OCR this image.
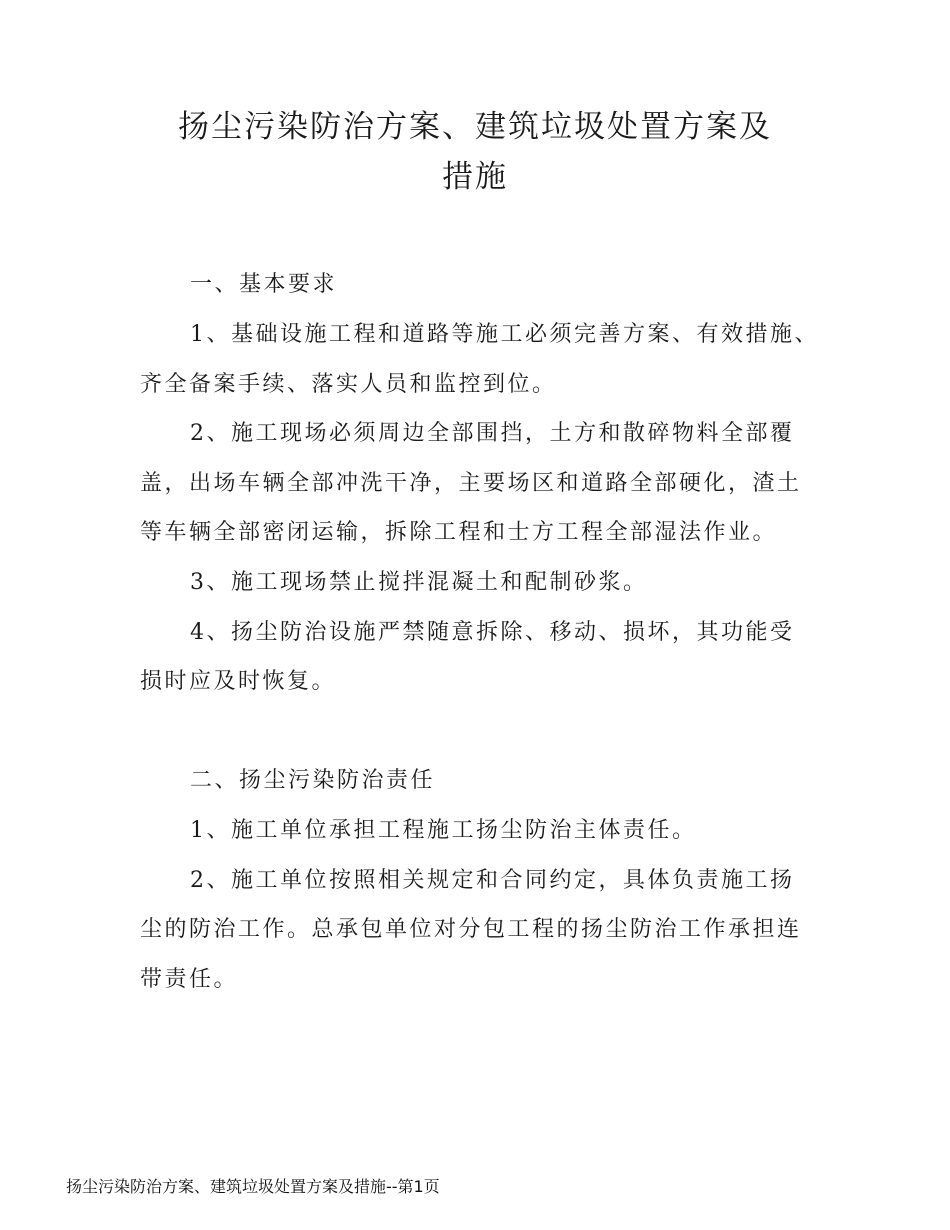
扬尘污染防治方案、建筑垃圾处置方案及
措施

一、基本要求

1、基础设施工程和道路等施工必须完善方案、有效措施、

齐全备案手续、落实人员和监控到位。

2、施工现场必须周边全部围挡，土方和散碎物料全部覆

盖，出场车辆全部冲洗干净，主要场区和道路全部硬化，渣土

等车辆全部密闭运输，拆除工程和士方工程全部湿法作业。

3、施工现场禁止搅拌混凝土和配制砂浆。

4、扬尘防治设施严禁随意拆除、移动、损坏，其功能受

损时应及时恢复。

二、扬尘污染防治责任

1、施工单位承担工程施工扬尘防治主体责任。

2、施工单位按照相关规定和合同约定，具体负责施工扬

尘的防治工作。总承包单位对分包工程的扬尘防治工作承担连

带责任。

扬尘污染防治方案、建筑垃圾处置方案及措施--第1页
